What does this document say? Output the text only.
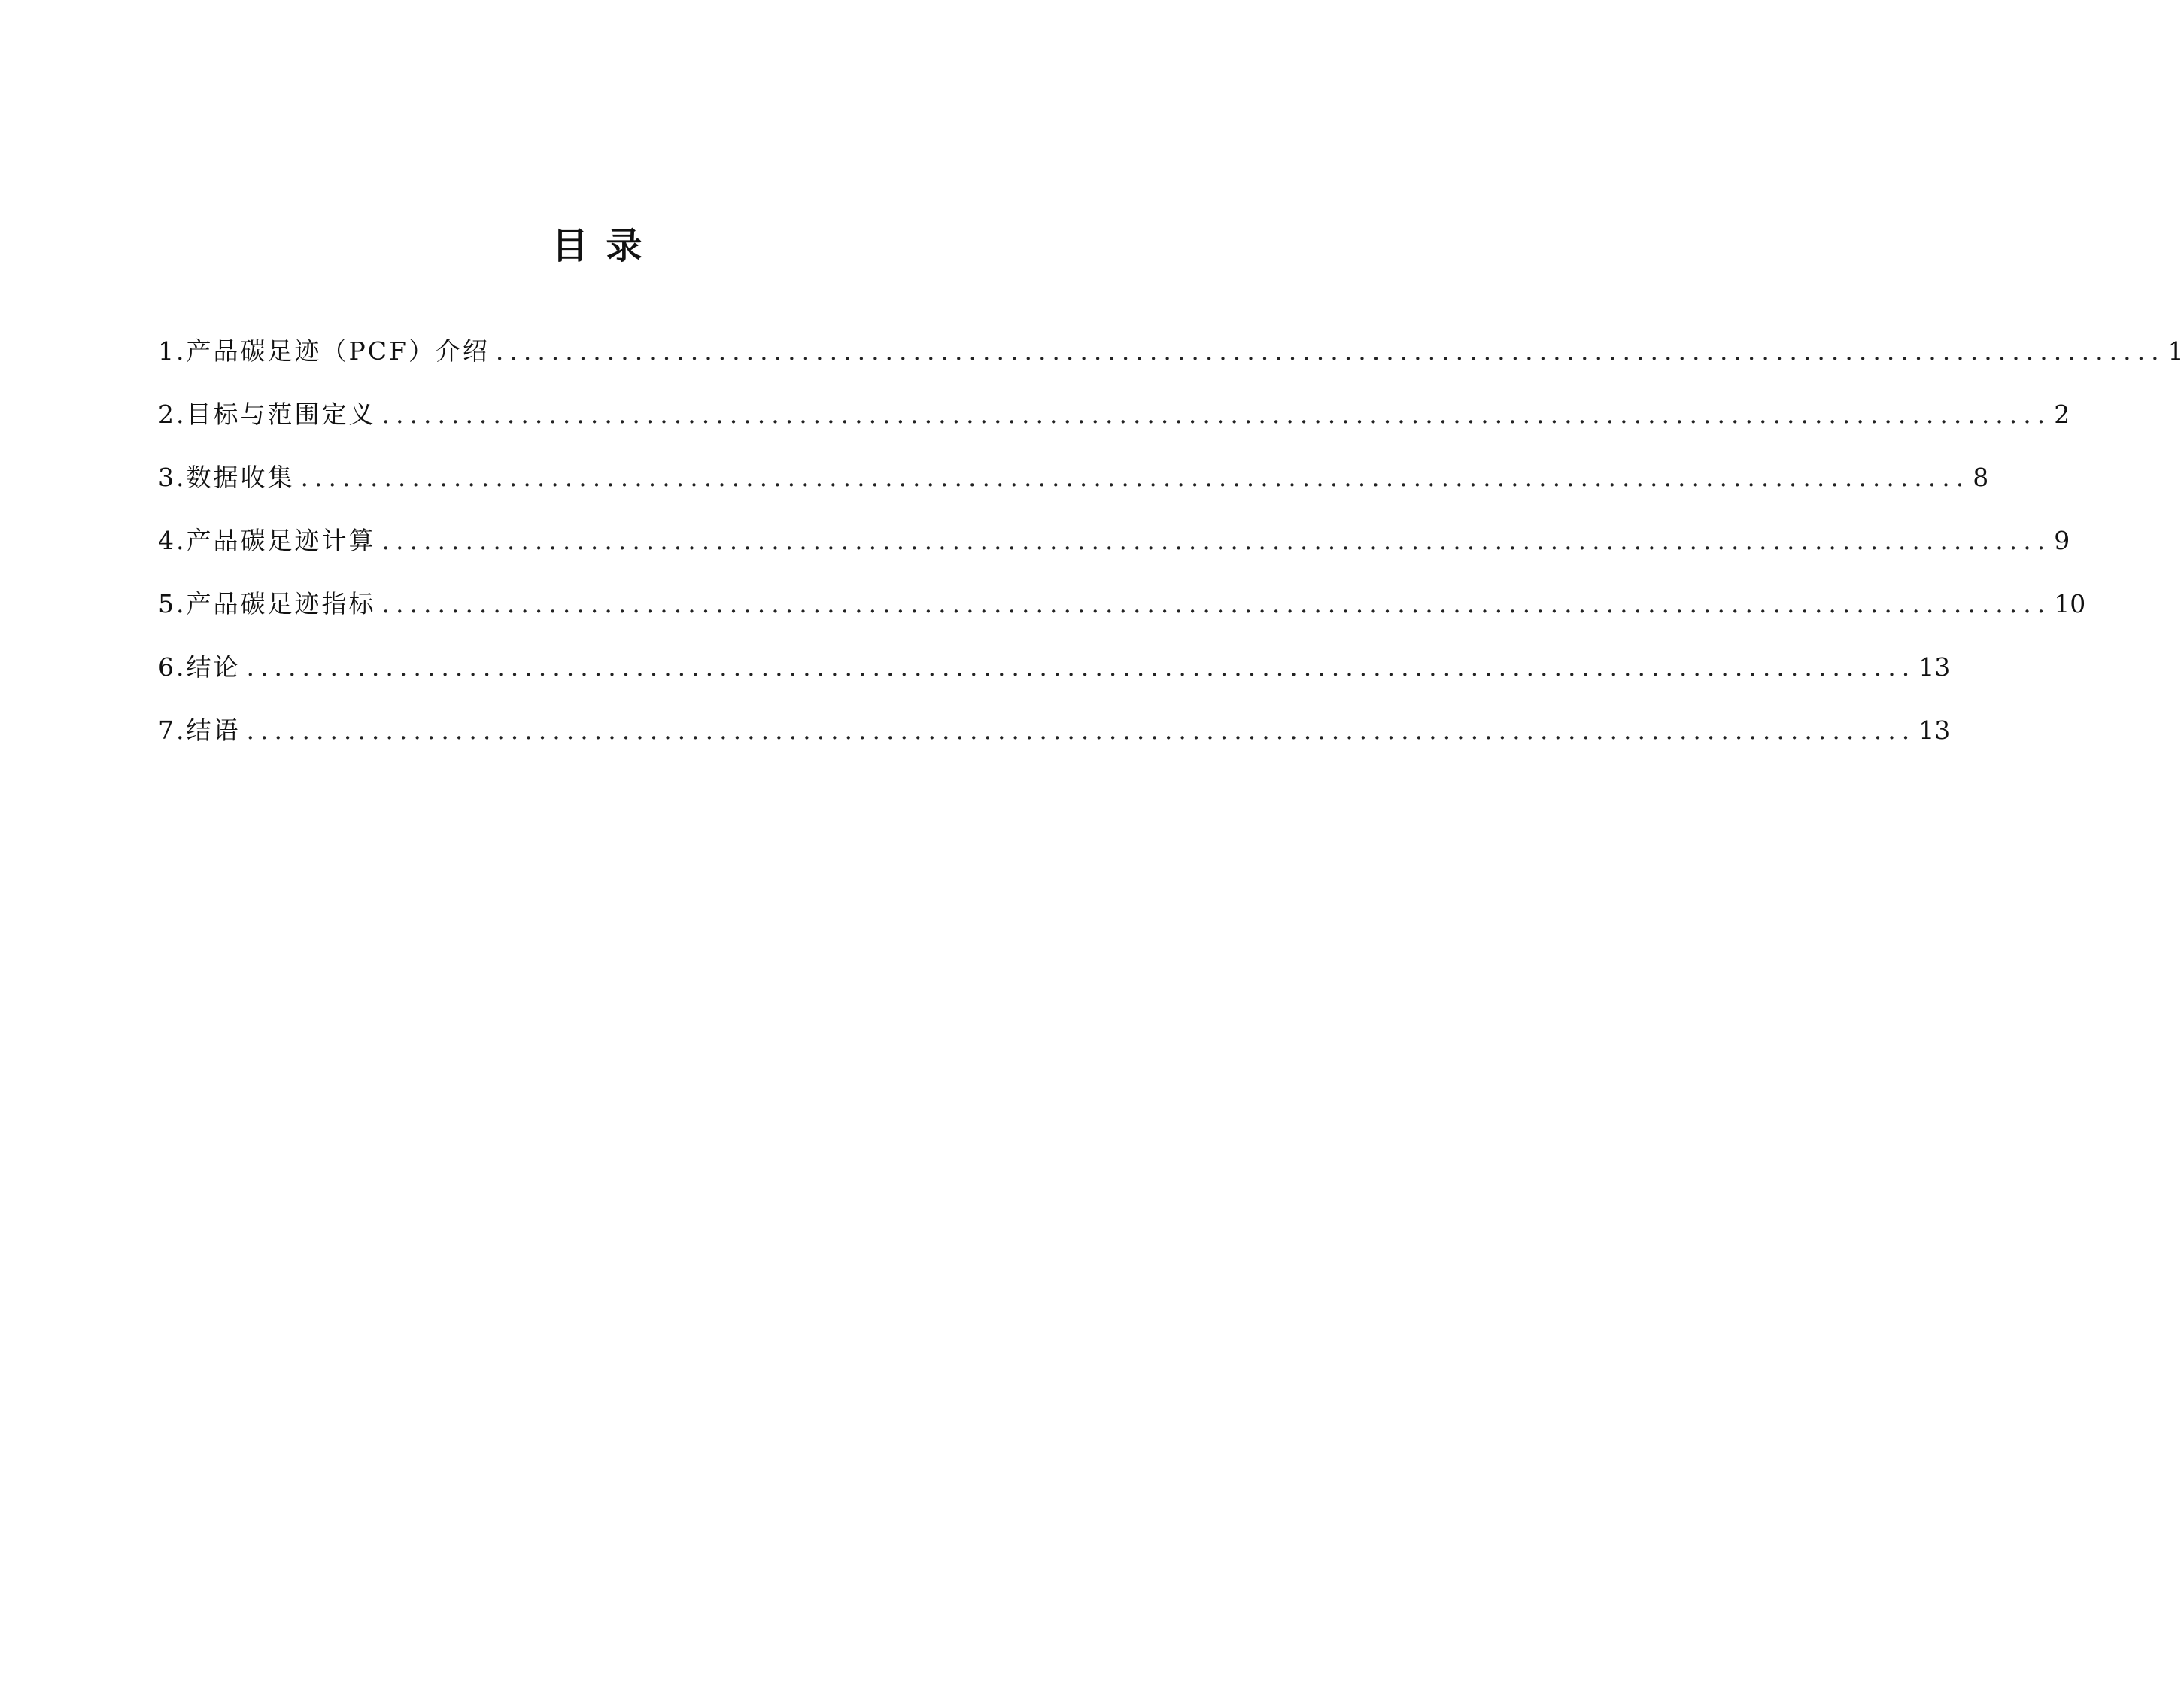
目录
1.产品碳足迹（PCF）介绍 ........................................................................................................................ 1
2.目标与范围定义 ........................................................................................................................ 2
3.数据收集 ........................................................................................................................ 8
4.产品碳足迹计算 ........................................................................................................................ 9
5.产品碳足迹指标 ........................................................................................................................ 10
6.结论 ........................................................................................................................ 13
7.结语 ........................................................................................................................ 13
